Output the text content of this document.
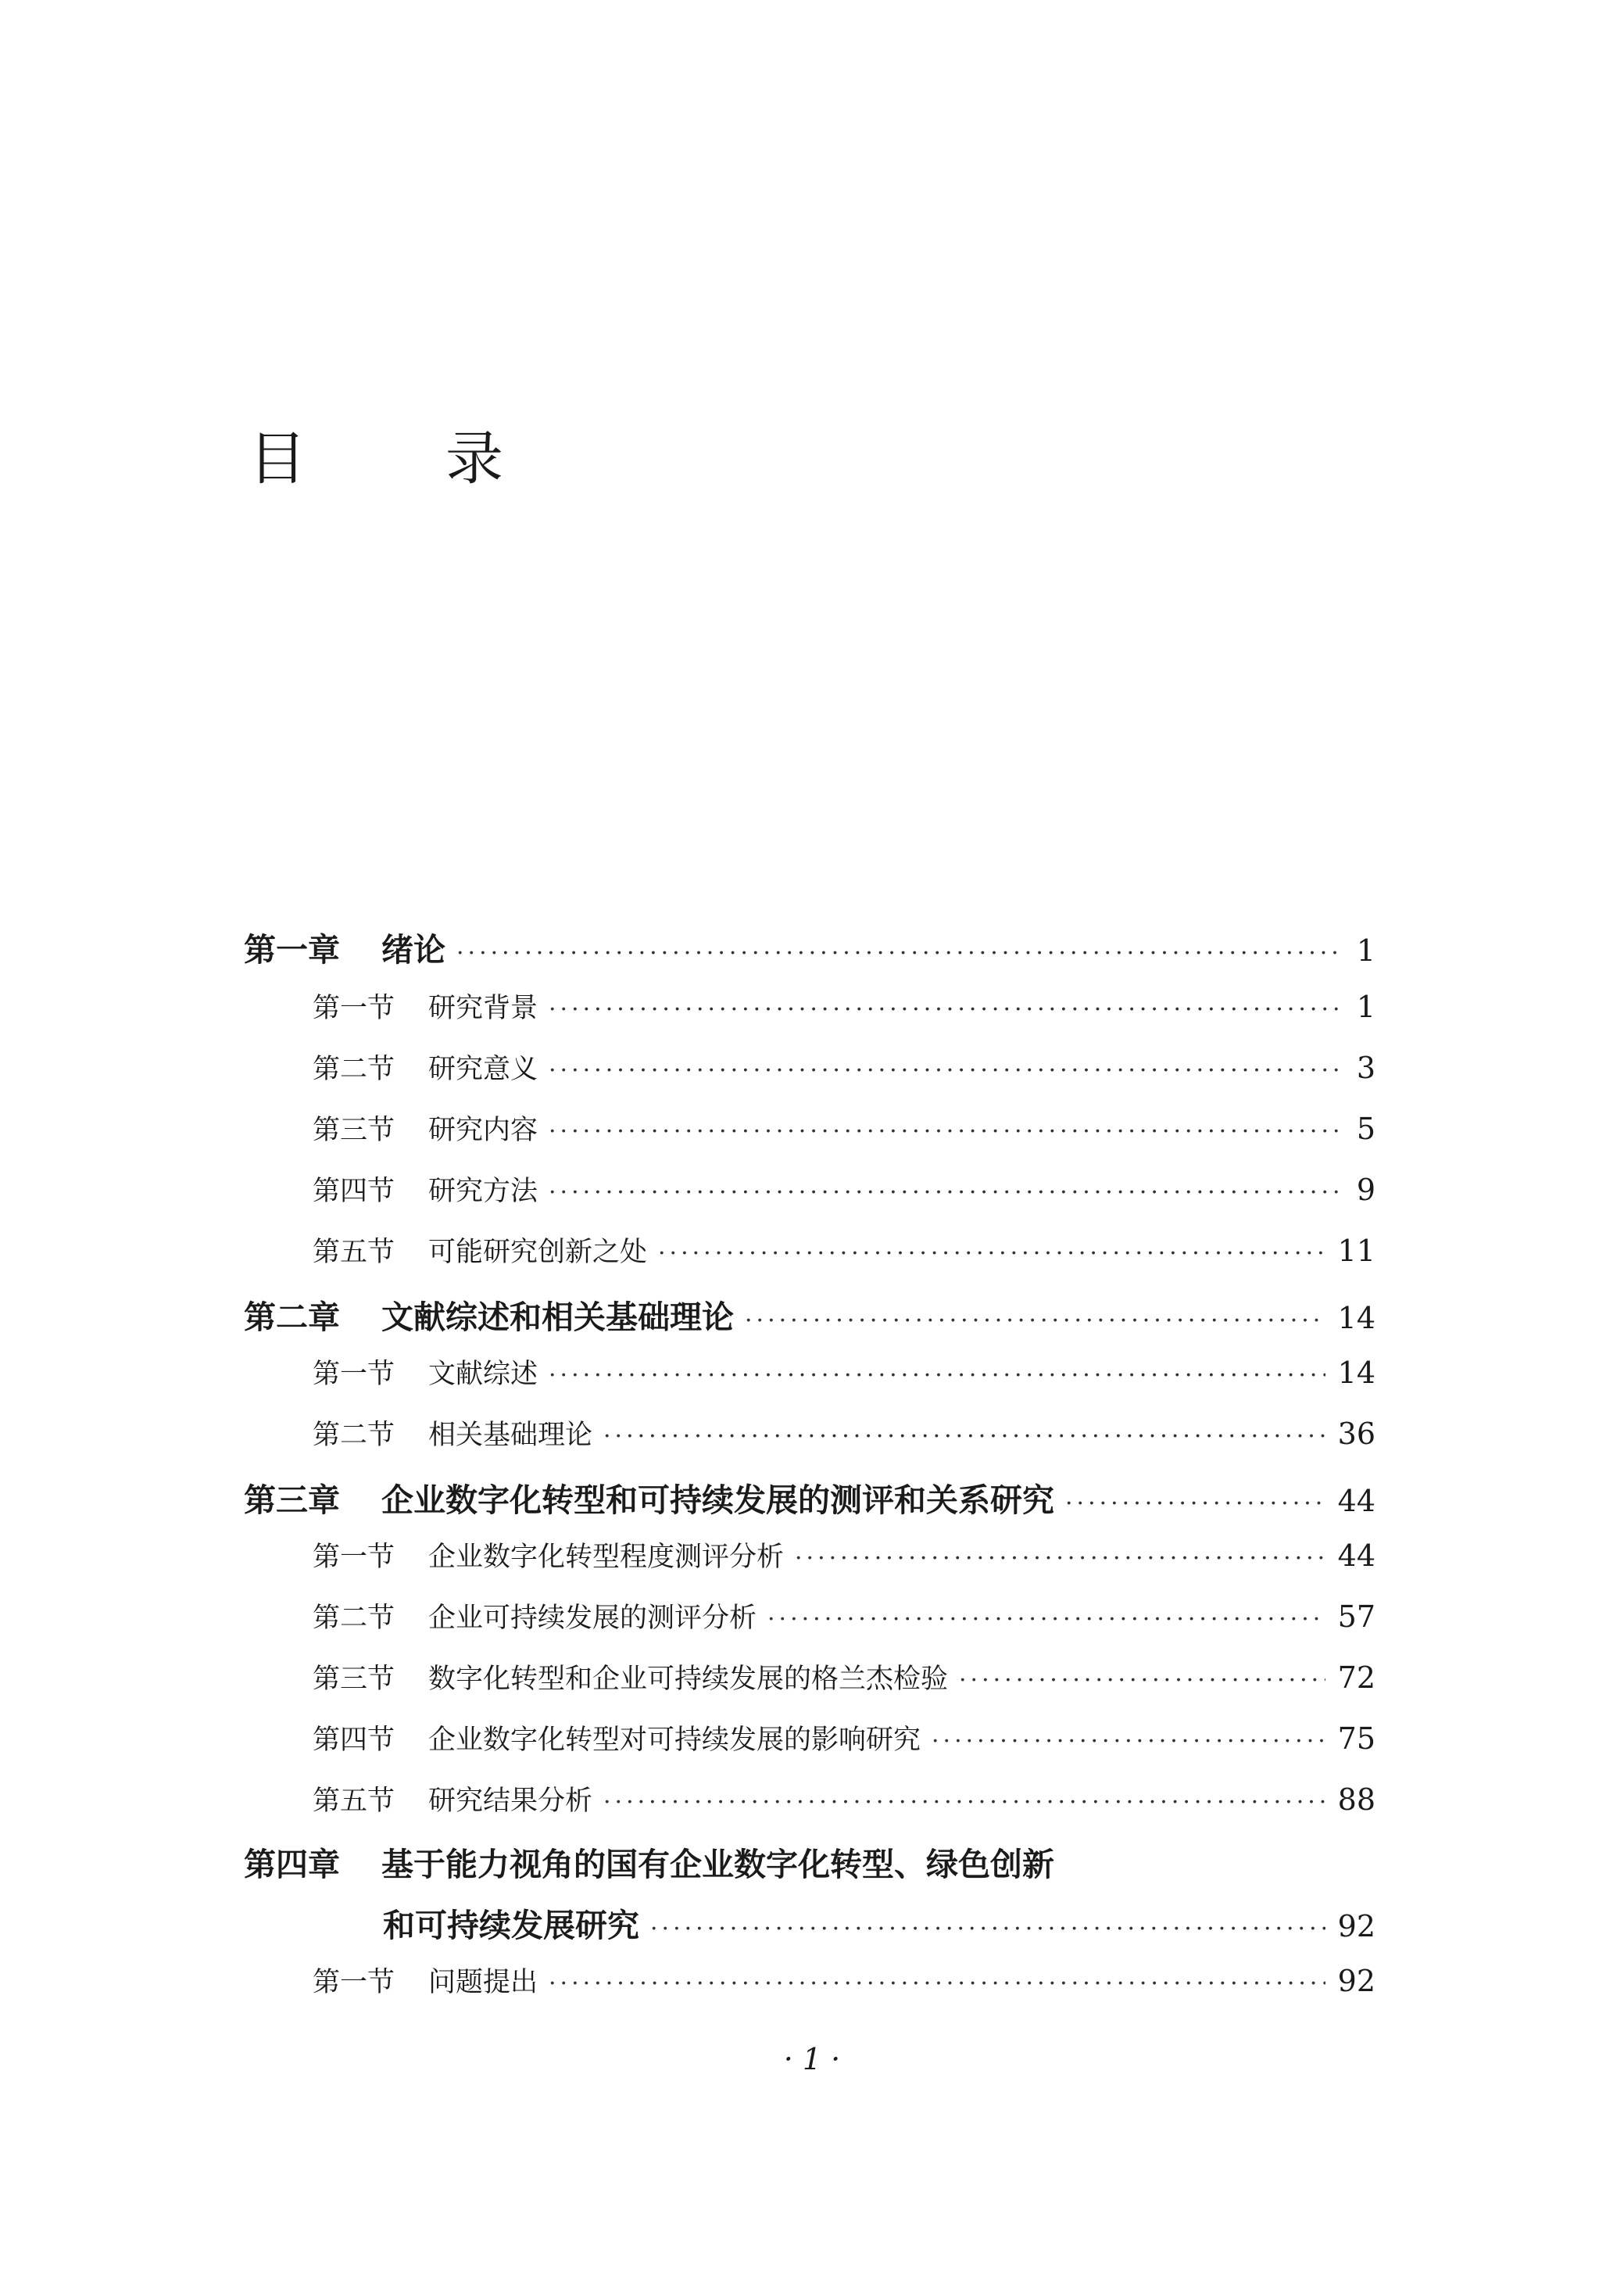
目录
第一章	绪论 ·····	1
第一节	研究背景 ·····	1
第二节	研究意义 ·····	3
第三节	研究内容 ·····	5
第四节	研究方法 ·····	9
第五节	可能研究创新之处 ·····	11
第二章	文献综述和相关基础理论 ·····	14
第一节	文献综述 ·····	14
第二节	相关基础理论 ·····	36
第三章	企业数字化转型和可持续发展的测评和关系研究 ·····	44
第一节	企业数字化转型程度测评分析 ·····	44
第二节	企业可持续发展的测评分析 ·····	57
第三节	数字化转型和企业可持续发展的格兰杰检验 ·····	72
第四节	企业数字化转型对可持续发展的影响研究 ·····	75
第五节	研究结果分析 ·····	88
第四章	基于能力视角的国有企业数字化转型、绿色创新
和可持续发展研究 ·····	92
第一节	问题提出 ·····	92
· 1 ·
